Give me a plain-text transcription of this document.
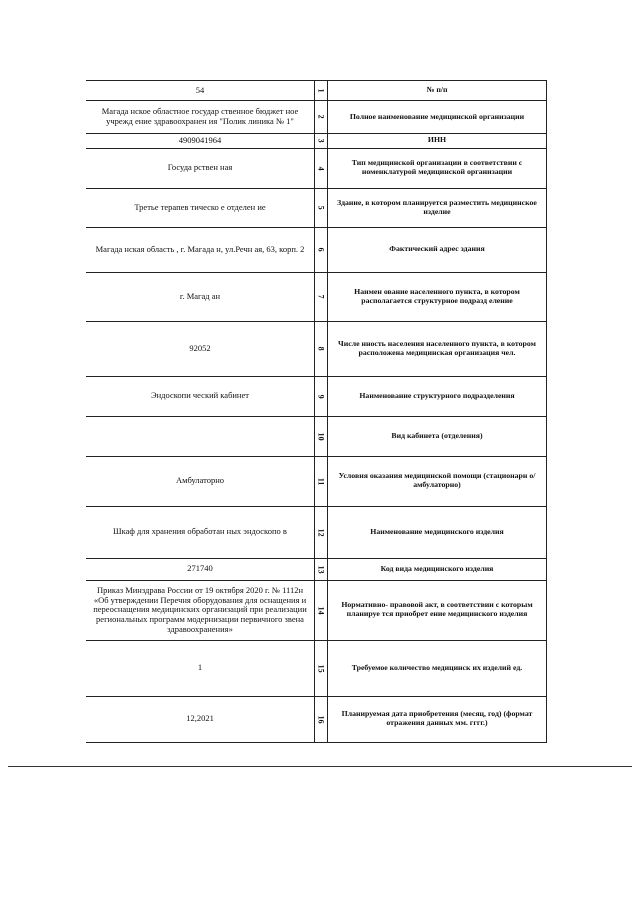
54	1	№ п/п
Магада нское областное государ ственное бюджет ное учрежд ение здравоохранен ия "Полик линика № 1"	2	Полное наименование медицинской организации
4909041964	3	ИНН
Госуда рствен ная	4	Тип медицинской организации в соответствии с номенклатурой медицинской организации
Третье терапев тическо е отделен ие	5	Здание, в котором планируется разместить медицинское изделие
Магада нская область , г. Магада н, ул.Речн ая, 63, корп. 2	6	Фактический адрес здания
г. Магад ан	7	Наимен ование населенного пункта, в котором располагается структурное подразд еление
92052	8	Числе нность населения населенного пункта, в котором расположена медицинская организация чел.
Эндоскопи ческий кабинет	9	Наименование структурного подразделения
	10	Вид кабинета (отделения)
Амбулаторно	11	Условия оказания медицинской помощи (стационарн о/амбулаторно)
Шкаф для хранения обработан ных эндоскопо в	12	Наименование медицинского изделия
271740	13	Код вида медицинского изделия
Приказ Минздрава России от 19 октября 2020 г. № 1112н «Об утверждении Перечня оборудования для оснащения и переоснащения медицинских организаций при реализации региональных программ модернизации первичного звена здравоохранения»	14	Нормативно- правовой акт, в соответствии с которым планируе тся приобрет ение медицинского изделия
1	15	Требуемое количество медицинск их изделий ед.
12,2021	16	Планируемая дата приобретения (месяц, год) (формат отражения данных мм. гггг.)
